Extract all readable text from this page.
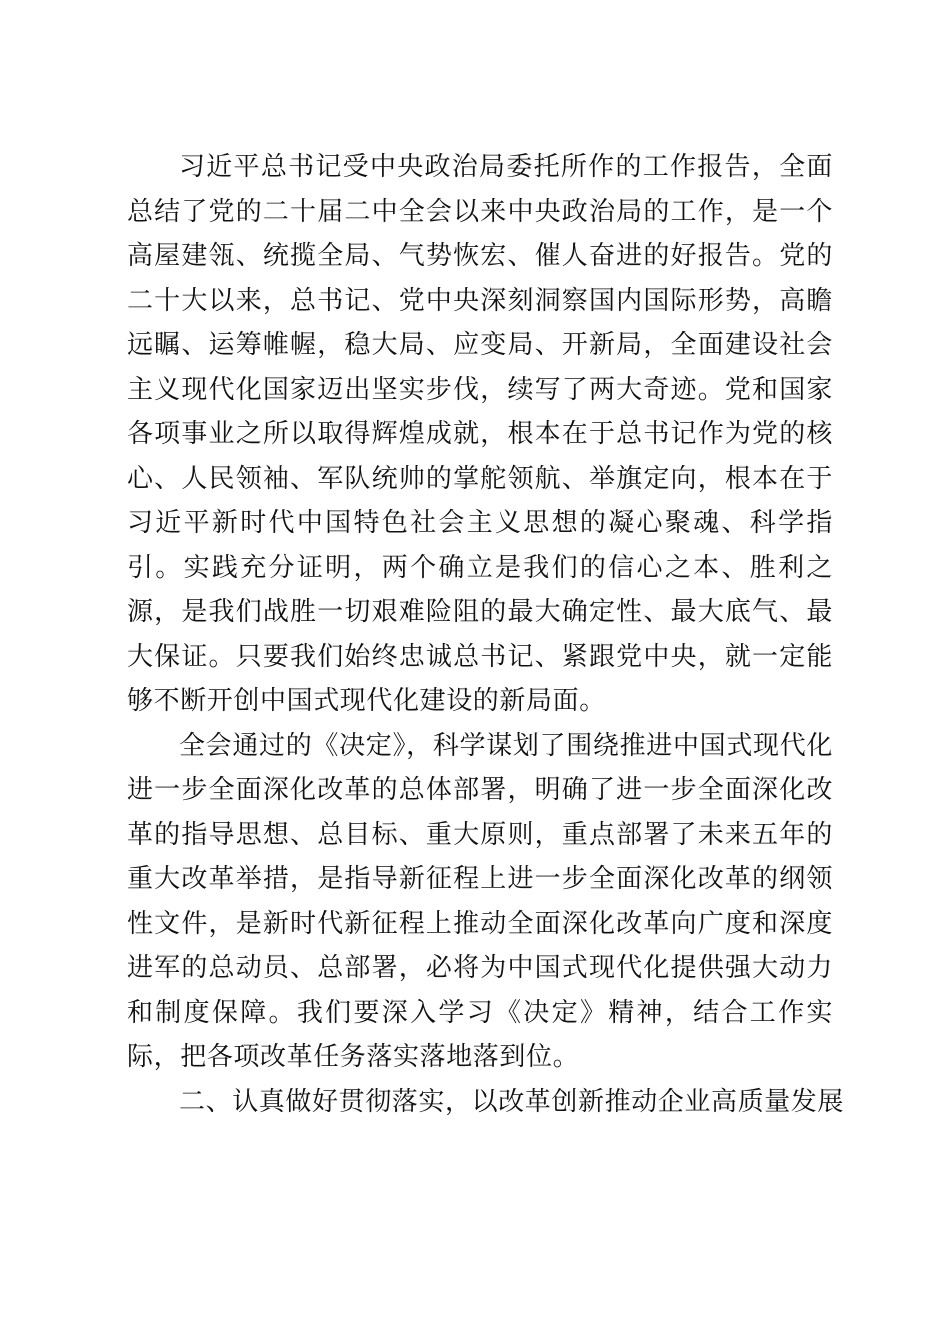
习近平总书记受中央政治局委托所作的工作报告，全面总结了党的二十届二中全会以来中央政治局的工作，是一个高屋建瓴、统揽全局、气势恢宏、催人奋进的好报告。党的二十大以来，总书记、党中央深刻洞察国内国际形势，高瞻远瞩、运筹帷幄，稳大局、应变局、开新局，全面建设社会主义现代化国家迈出坚实步伐，续写了两大奇迹。党和国家各项事业之所以取得辉煌成就，根本在于总书记作为党的核心、人民领袖、军队统帅的掌舵领航、举旗定向，根本在于习近平新时代中国特色社会主义思想的凝心聚魂、科学指引。实践充分证明，两个确立是我们的信心之本、胜利之源，是我们战胜一切艰难险阻的最大确定性、最大底气、最大保证。只要我们始终忠诚总书记、紧跟党中央，就一定能够不断开创中国式现代化建设的新局面。

全会通过的《决定》，科学谋划了围绕推进中国式现代化进一步全面深化改革的总体部署，明确了进一步全面深化改革的指导思想、总目标、重大原则，重点部署了未来五年的重大改革举措，是指导新征程上进一步全面深化改革的纲领性文件，是新时代新征程上推动全面深化改革向广度和深度进军的总动员、总部署，必将为中国式现代化提供强大动力和制度保障。我们要深入学习《决定》精神，结合工作实际，把各项改革任务落实落地落到位。

二、认真做好贯彻落实，以改革创新推动企业高质量发展
